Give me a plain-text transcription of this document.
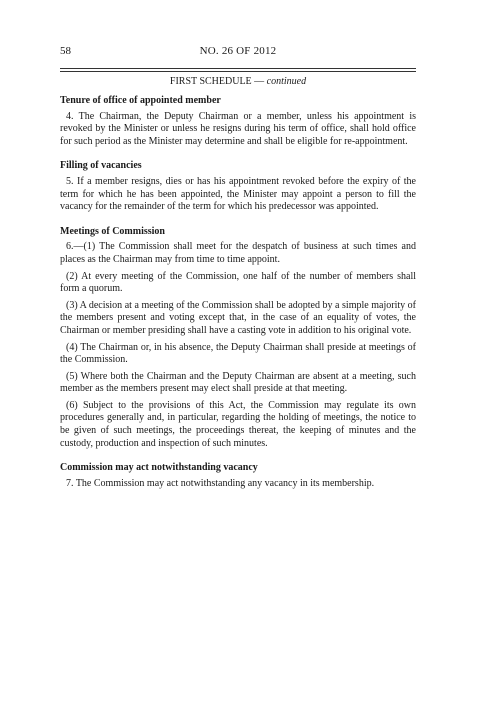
58	NO. 26 OF 2012
FIRST SCHEDULE — continued
Tenure of office of appointed member

4. The Chairman, the Deputy Chairman or a member, unless his appointment is revoked by the Minister or unless he resigns during his term of office, shall hold office for such period as the Minister may determine and shall be eligible for re-appointment.

Filling of vacancies

5. If a member resigns, dies or has his appointment revoked before the expiry of the term for which he has been appointed, the Minister may appoint a person to fill the vacancy for the remainder of the term for which his predecessor was appointed.

Meetings of Commission

6.—(1) The Commission shall meet for the despatch of business at such times and places as the Chairman may from time to time appoint.

(2) At every meeting of the Commission, one half of the number of members shall form a quorum.

(3) A decision at a meeting of the Commission shall be adopted by a simple majority of the members present and voting except that, in the case of an equality of votes, the Chairman or member presiding shall have a casting vote in addition to his original vote.

(4) The Chairman or, in his absence, the Deputy Chairman shall preside at meetings of the Commission.

(5) Where both the Chairman and the Deputy Chairman are absent at a meeting, such member as the members present may elect shall preside at that meeting.

(6) Subject to the provisions of this Act, the Commission may regulate its own procedures generally and, in particular, regarding the holding of meetings, the notice to be given of such meetings, the proceedings thereat, the keeping of minutes and the custody, production and inspection of such minutes.

Commission may act notwithstanding vacancy

7. The Commission may act notwithstanding any vacancy in its membership.
